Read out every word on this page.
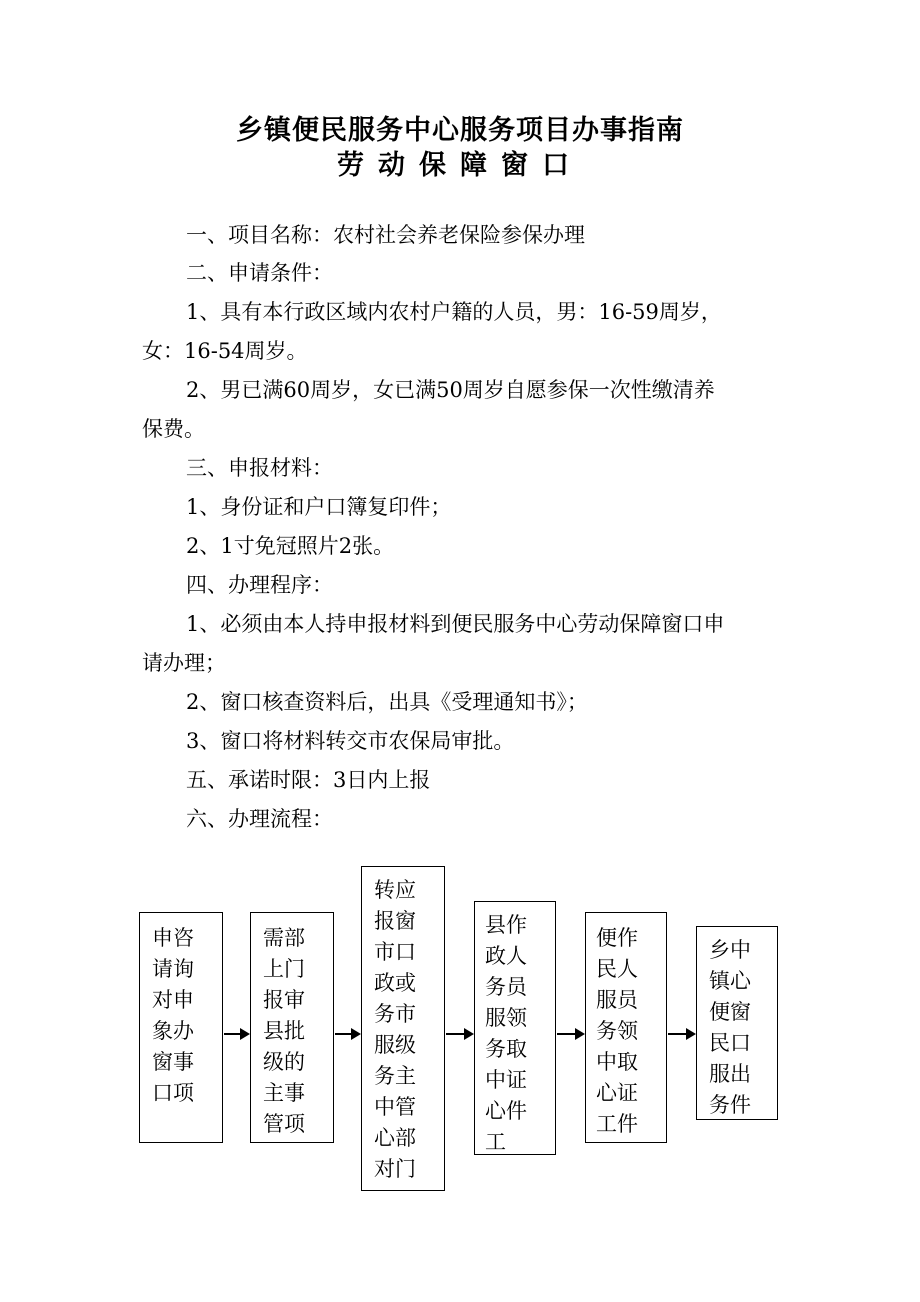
乡镇便民服务中心服务项目办事指南
劳动保障窗口
一、项目名称：农村社会养老保险参保办理
二、申请条件：
1、具有本行政区域内农村户籍的人员，男：16-59周岁，
女：16-54周岁。
2、男已满60周岁，女已满50周岁自愿参保一次性缴清养
保费。
三、申报材料：
1、身份证和户口簿复印件；
2、1寸免冠照片2张。
四、办理程序：
1、必须由本人持申报材料到便民服务中心劳动保障窗口申
请办理；
2、窗口核查资料后，出具《受理通知书》；
3、窗口将材料转交市农保局审批。
五、承诺时限：3日内上报
六、办理流程：
申咨
请询
对申
象办
窗事
口项
需部
上门
报审
县批
级的
主事
管项
转应
报窗
市口
政或
务市
服级
务主
中管
心部
对门
县作
政人
务员
服领
务取
中证
心件
工
便作
民人
服员
务领
中取
心证
工件
乡中
镇心
便窗
民口
服出
务件
